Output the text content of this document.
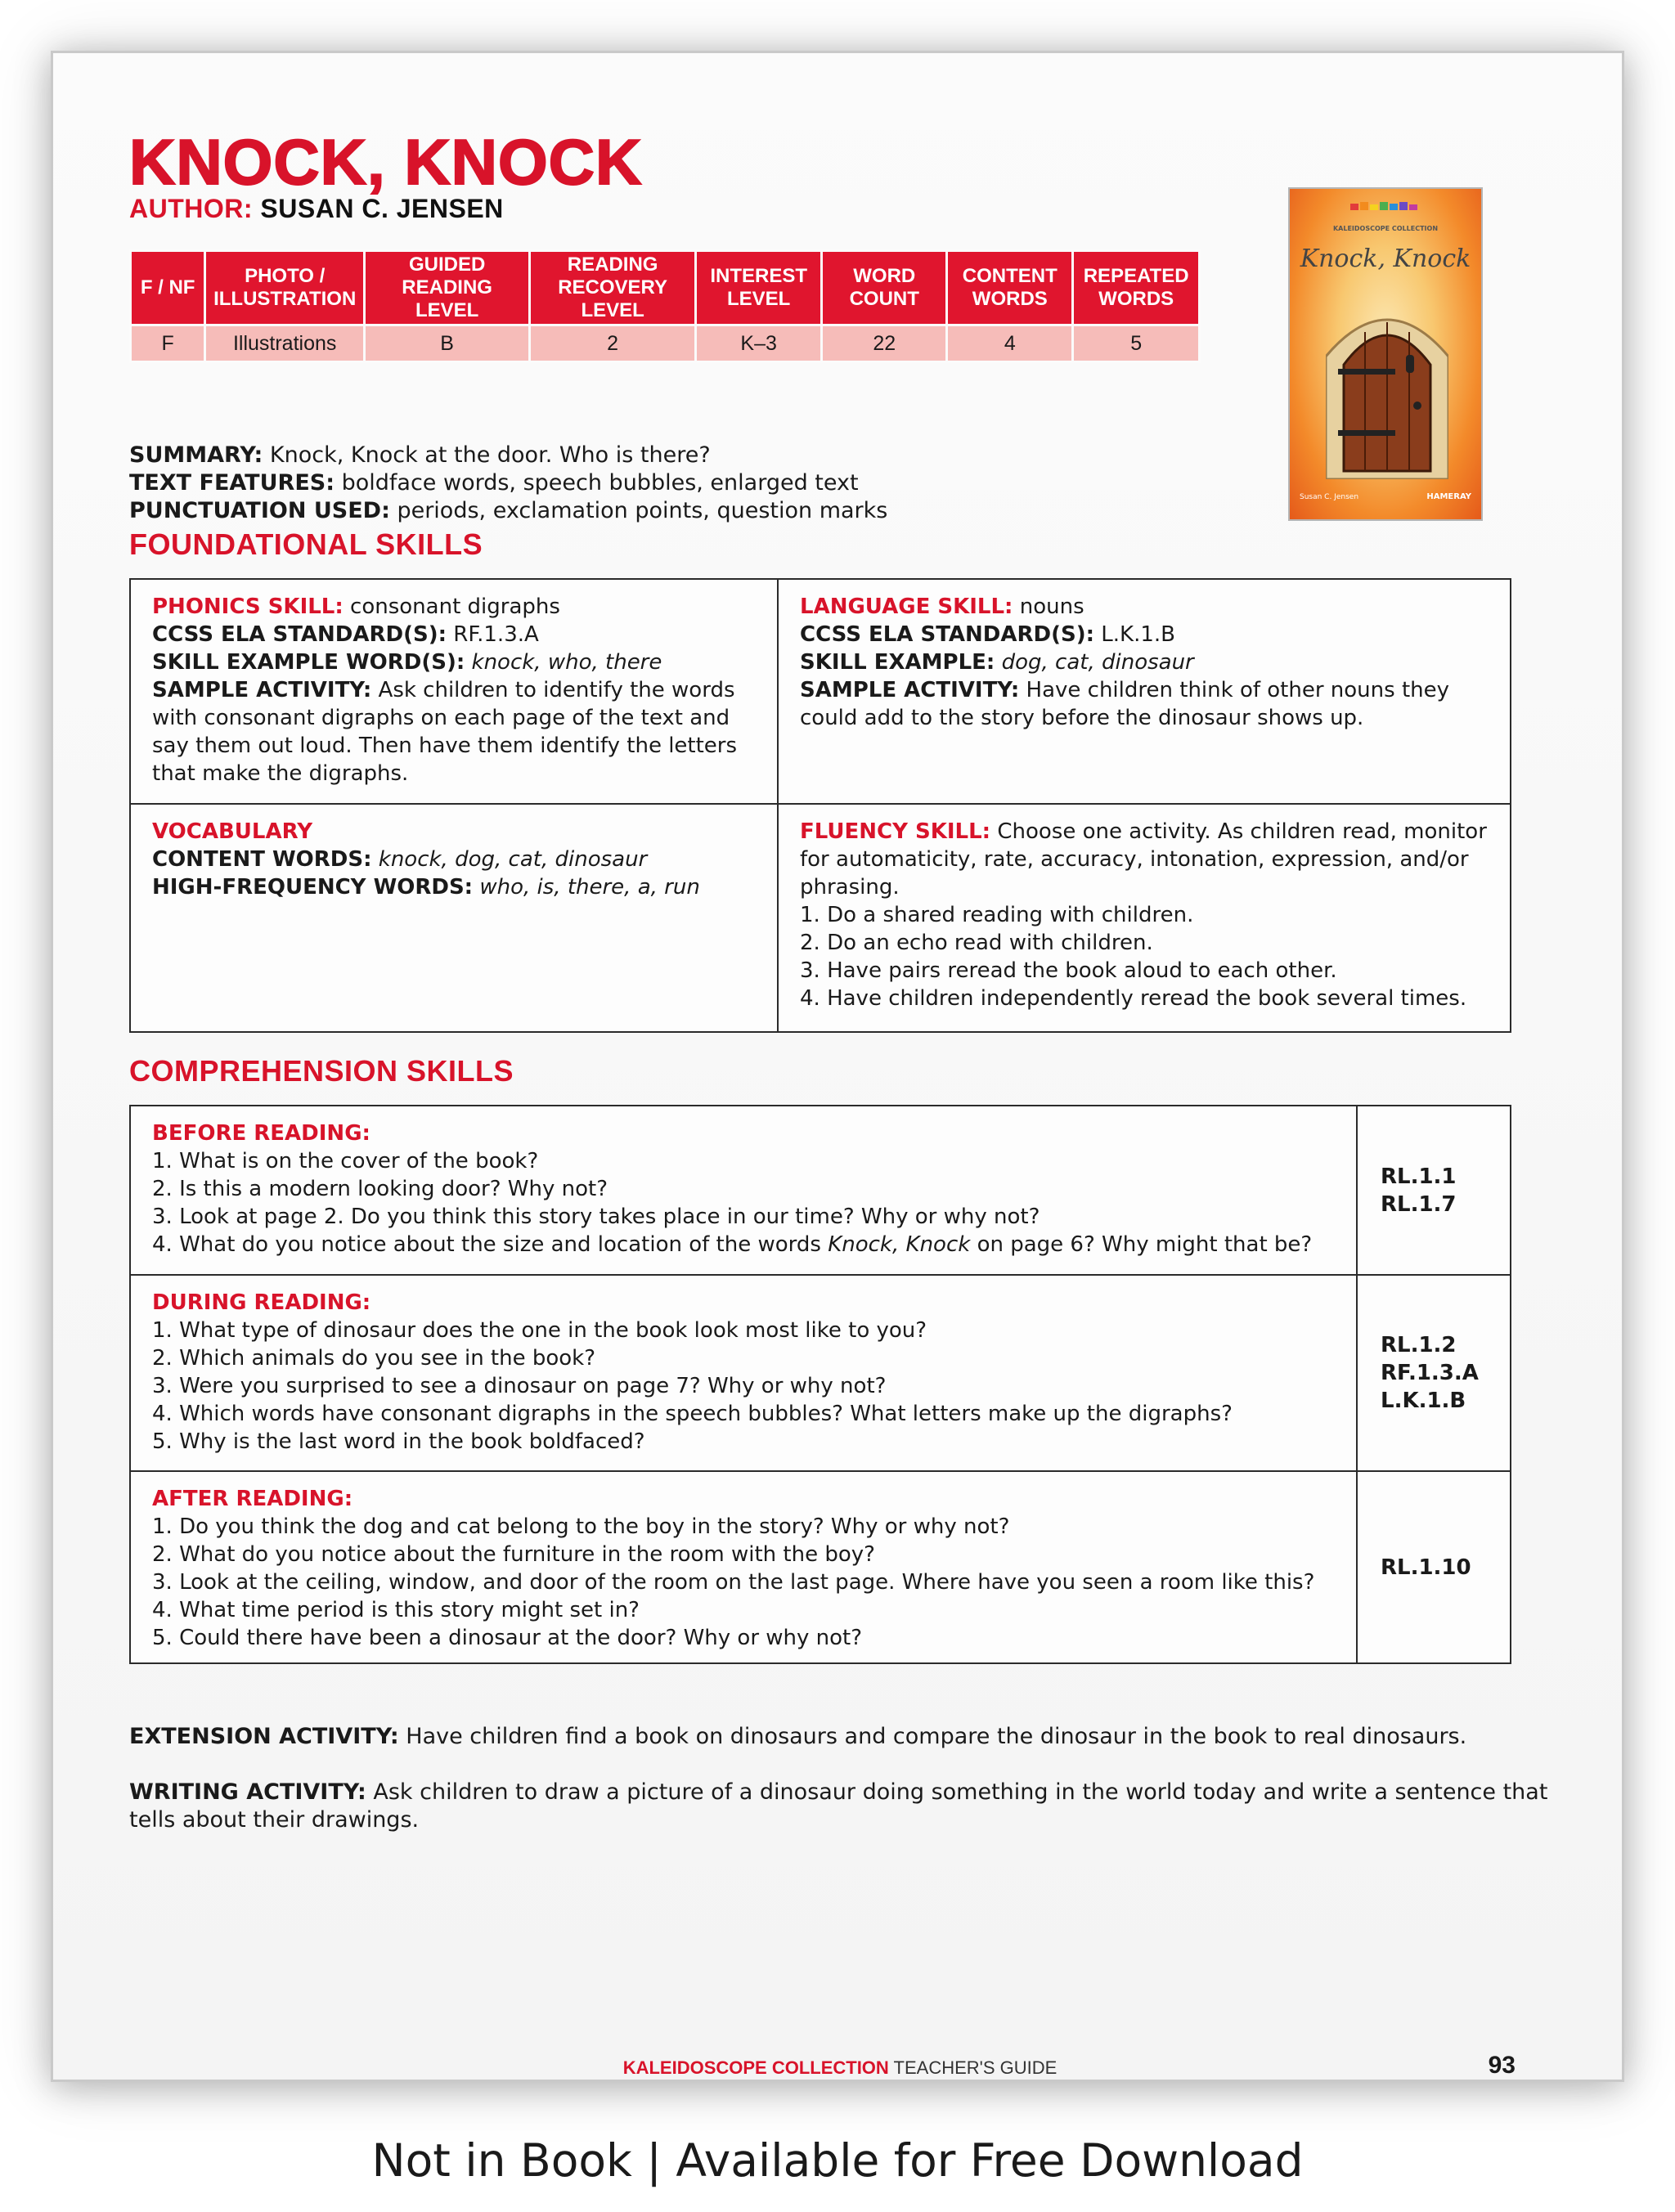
KNOCK, KNOCK
AUTHOR: SUSAN C. JENSEN
F / NF	PHOTO / ILLUSTRATION	GUIDED READING LEVEL	READING RECOVERY LEVEL	INTEREST LEVEL	WORD COUNT	CONTENT WORDS	REPEATED WORDS
F	Illustrations	B	2	K–3	22	4	5
SUMMARY: Knock, Knock at the door. Who is there?
TEXT FEATURES: boldface words, speech bubbles, enlarged text
PUNCTUATION USED: periods, exclamation points, question marks
KALEIDOSCOPE COLLECTION
Knock, Knock
Susan C. Jensen	HAMERAY
FOUNDATIONAL SKILLS

PHONICS SKILL: consonant digraphs

CCSS ELA STANDARD(S): RF.1.3.A

SKILL EXAMPLE WORD(S): knock, who, there

SAMPLE ACTIVITY: Ask children to identify the words with consonant digraphs on each page of the text and say them out loud. Then have them identify the letters that make the digraphs.

LANGUAGE SKILL: nouns

CCSS ELA STANDARD(S): L.K.1.B

SKILL EXAMPLE: dog, cat, dinosaur

SAMPLE ACTIVITY: Have children think of other nouns they could add to the story before the dinosaur shows up.

VOCABULARY

CONTENT WORDS: knock, dog, cat, dinosaur

HIGH-FREQUENCY WORDS: who, is, there, a, run

FLUENCY SKILL: Choose one activity. As children read, monitor for automaticity, rate, accuracy, intonation, expression, and/or phrasing.

1. Do a shared reading with children.

2. Do an echo read with children.

3. Have pairs reread the book aloud to each other.

4. Have children independently reread the book several times.

COMPREHENSION SKILLS

BEFORE READING:

1. What is on the cover of the book?

2. Is this a modern looking door? Why not?

3. Look at page 2. Do you think this story takes place in our time? Why or why not?

4. What do you notice about the size and location of the words Knock, Knock on page 6? Why might that be?

RL.1.1
RL.1.7

DURING READING:

1. What type of dinosaur does the one in the book look most like to you?

2. Which animals do you see in the book?

3. Were you surprised to see a dinosaur on page 7? Why or why not?

4. Which words have consonant digraphs in the speech bubbles? What letters make up the digraphs?

5. Why is the last word in the book boldfaced?

RL.1.2
RF.1.3.A
L.K.1.B

AFTER READING:

1. Do you think the dog and cat belong to the boy in the story? Why or why not?

2. What do you notice about the furniture in the room with the boy?

3. Look at the ceiling, window, and door of the room on the last page. Where have you seen a room like this?

4. What time period is this story might set in?

5. Could there have been a dinosaur at the door? Why or why not?

RL.1.10
EXTENSION ACTIVITY: Have children find a book on dinosaurs and compare the dinosaur in the book to real dinosaurs.
WRITING ACTIVITY: Ask children to draw a picture of a dinosaur doing something in the world today and write a sentence that tells about their drawings.
KALEIDOSCOPE COLLECTION TEACHER'S GUIDE	93
Not in Book | Available for Free Download
